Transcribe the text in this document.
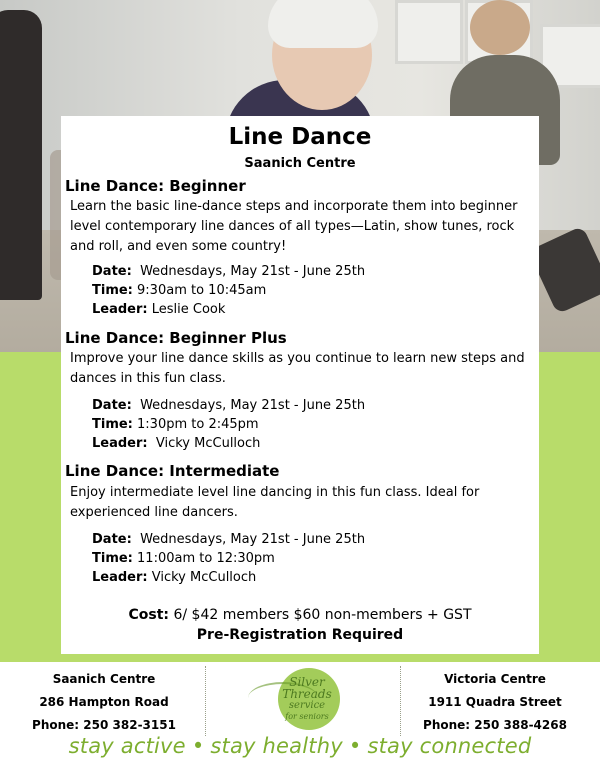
Line Dance
Saanich Centre
Line Dance: Beginner
Learn the basic line-dance steps and incorporate them into beginner level contemporary line dances of all types—Latin, show tunes, rock and roll, and even some country!
Date: Wednesdays, May 21st - June 25th
Time: 9:30am to 10:45am
Leader: Leslie Cook
Line Dance: Beginner Plus
Improve your line dance skills as you continue to learn new steps and dances in this fun class.
Date: Wednesdays, May 21st - June 25th
Time: 1:30pm to 2:45pm
Leader: Vicky McCulloch
Line Dance: Intermediate
Enjoy intermediate level line dancing in this fun class. Ideal for experienced line dancers.
Date: Wednesdays, May 21st - June 25th
Time: 11:00am to 12:30pm
Leader: Vicky McCulloch
Cost: 6/ $42 members $60 non-members + GST
Pre-Registration Required
Saanich Centre
286 Hampton Road
Phone: 250 382-3151
Silver
Threads
service
for seniors
Victoria Centre
1911 Quadra Street
Phone: 250 388-4268
stay active • stay healthy • stay connected
